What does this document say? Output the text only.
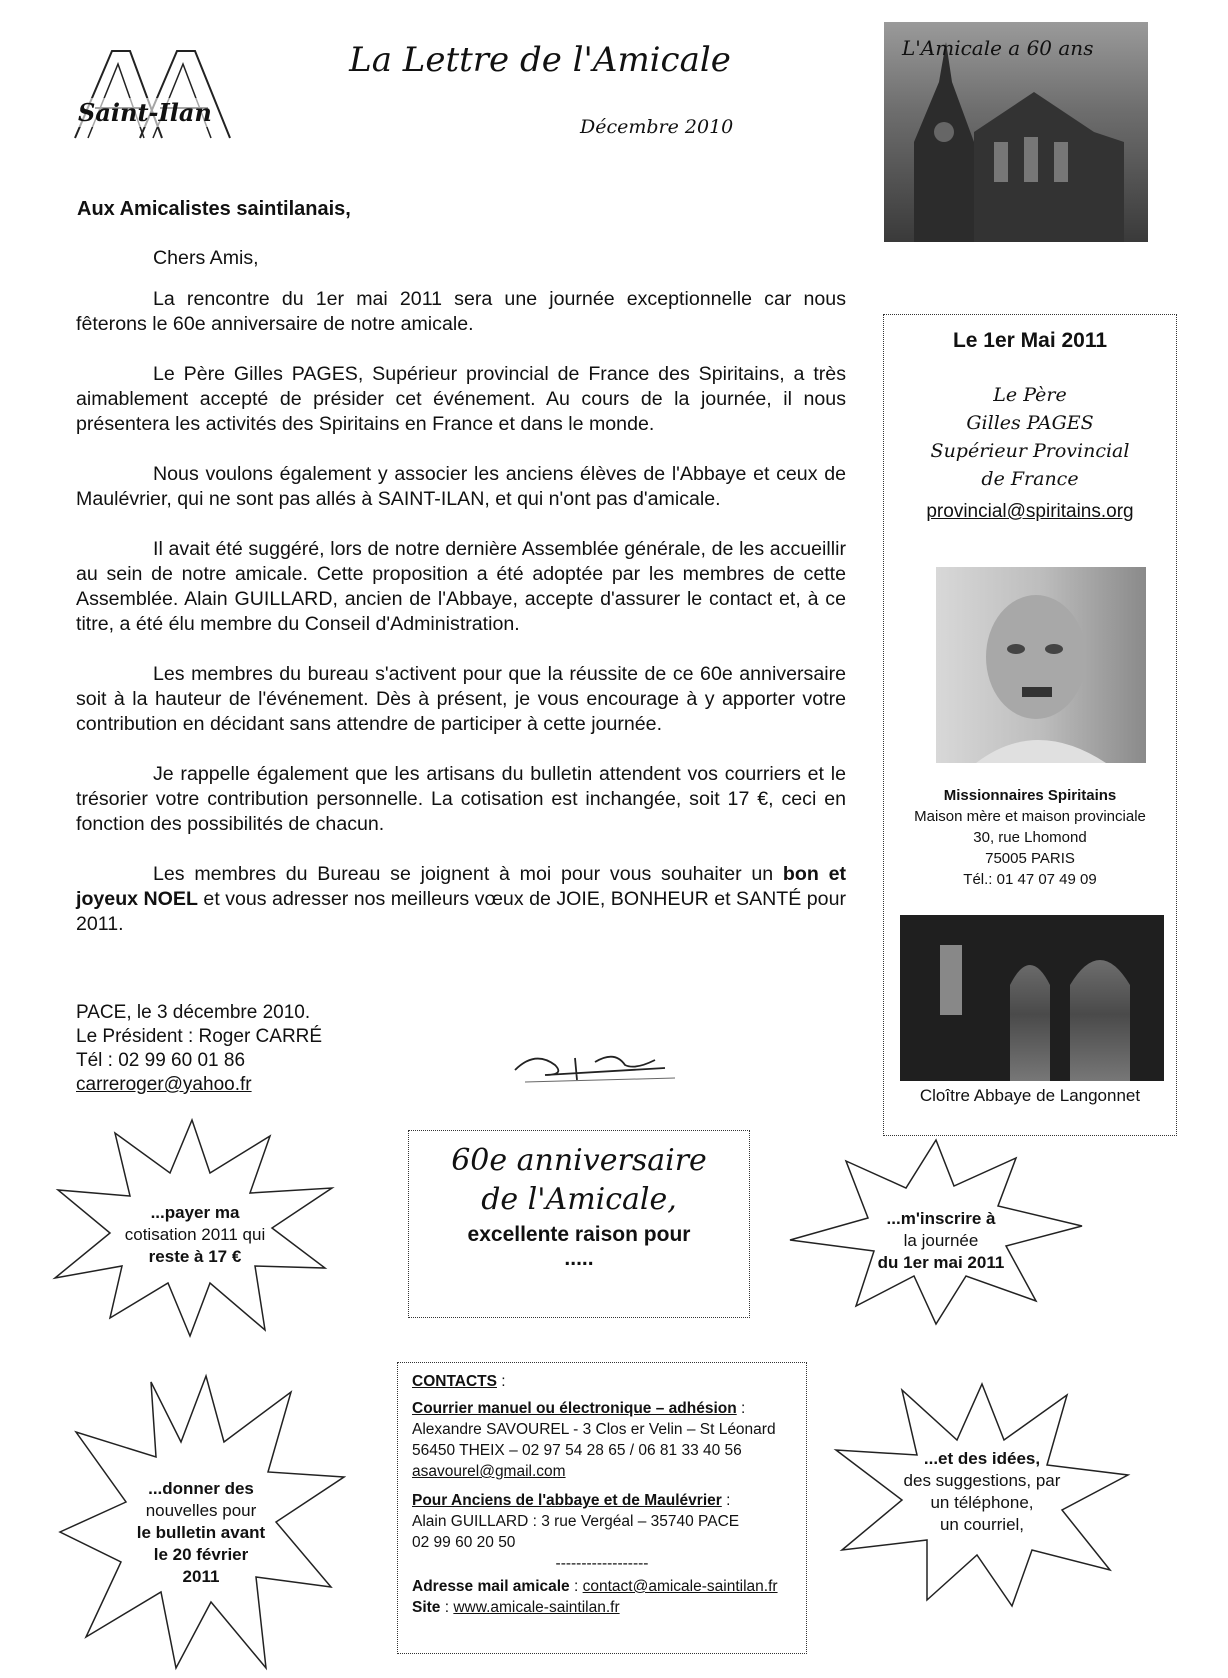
Saint-Ilan
La Lettre de l'Amicale
Décembre 2010
L'Amicale a 60 ans
Aux Amicalistes saintilanais,

Chers Amis,

La rencontre du 1er mai 2011 sera une journée exceptionnelle car nous fêterons le 60e anniversaire de notre amicale.

Le Père Gilles PAGES, Supérieur provincial de France des Spiritains, a très aimablement accepté de présider cet événement. Au cours de la journée, il nous présentera les activités des Spiritains en France et dans le monde.

Nous voulons également y associer les anciens élèves de l'Abbaye et ceux de Maulévrier, qui ne sont pas allés à SAINT-ILAN, et qui n'ont pas d'amicale.

Il avait été suggéré, lors de notre dernière Assemblée générale, de les accueillir au sein de notre amicale. Cette proposition a été adoptée par les membres de cette Assemblée. Alain GUILLARD, ancien de l'Abbaye, accepte d'assurer le contact et, à ce titre, a été élu membre du Conseil d'Administration.

Les membres du bureau s'activent pour que la réussite de ce 60e anniversaire soit à la hauteur de l'événement. Dès à présent, je vous encourage à y apporter votre contribution en décidant sans attendre de participer à cette journée.

Je rappelle également que les artisans du bulletin attendent vos courriers et le trésorier votre contribution personnelle. La cotisation est inchangée, soit 17 €, ceci en fonction des possibilités de chacun.

Les membres du Bureau se joignent à moi pour vous souhaiter un bon et joyeux NOEL et vous adresser nos meilleurs vœux de JOIE, BONHEUR et SANTÉ pour 2011.

PACE, le 3 décembre 2010.
Le Président : Roger CARRÉ
Tél : 02 99 60 01 86
carreroger@yahoo.fr
Le 1er Mai 2011
Le Père
Gilles PAGES
Supérieur Provincial
de France
provincial@spiritains.org
Missionnaires Spiritains
Maison mère et maison provinciale
30, rue Lhomond
75005 PARIS
Tél.: 01 47 07 49 09
Cloître Abbaye de Langonnet
...payer ma
cotisation 2011 qui
reste à 17 €
60e anniversaire
de l'Amicale,
excellente raison pour
.....
...m'inscrire à
la journée
du 1er mai 2011
...donner des
nouvelles pour
le bulletin avant
le 20 février
2011
CONTACTS :
Courrier manuel ou électronique – adhésion :
Alexandre SAVOUREL - 3 Clos er Velin – St Léonard
56450 THEIX – 02 97 54 28 65 / 06 81 33 40 56
asavourel@gmail.com
Pour Anciens de l'abbaye et de Maulévrier :
Alain GUILLARD : 3 rue Vergéal – 35740 PACE
02 99 60 20 50
------------------
Adresse mail amicale : contact@amicale-saintilan.fr
Site : www.amicale-saintilan.fr
...et des idées,
des suggestions, par
un téléphone,
un courriel,
